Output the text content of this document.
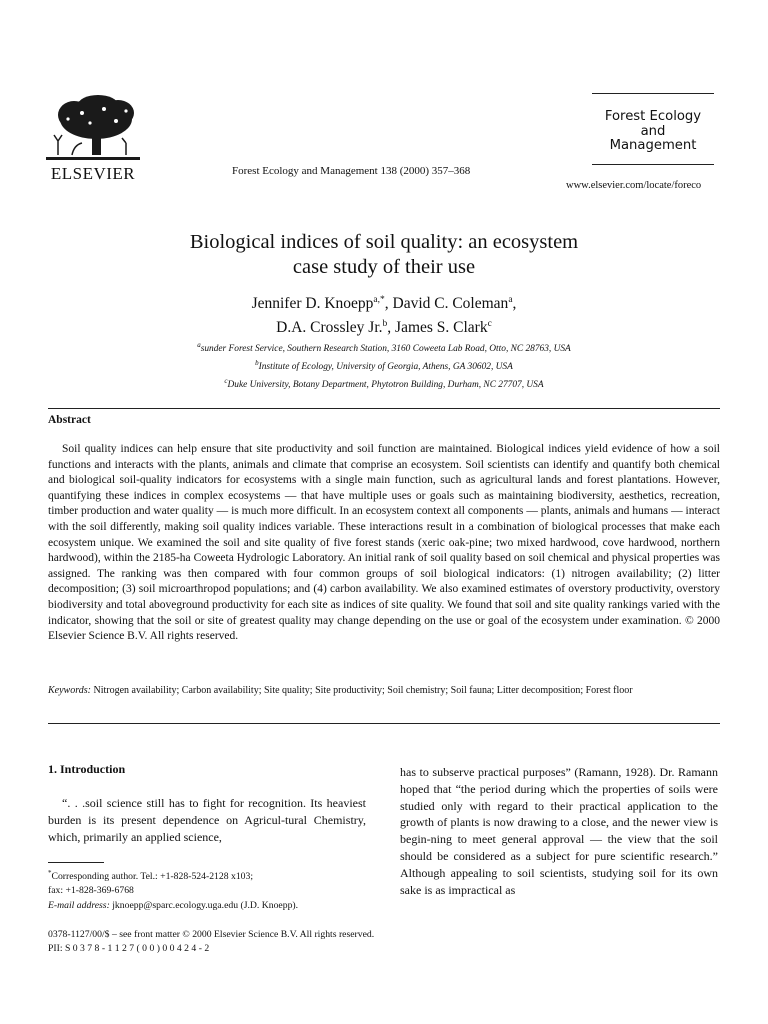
ELSEVIER	Forest Ecology and Management 138 (2000) 357–368
Forest Ecology
and
Management
www.elsevier.com/locate/foreco
Biological indices of soil quality: an ecosystem
case study of their use
Jennifer D. Knoepp$^{a,*}$, David C. Coleman$^a$,
D.A. Crossley Jr.$^b$, James S. Clark$^c$
$^a$sunder Forest Service, Southern Research Station, 3160 Coweeta Lab Road, Otto, NC 28763, USA
$^b$Institute of Ecology, University of Georgia, Athens, GA 30602, USA
$^c$Duke University, Botany Department, Phytotron Building, Durham, NC 27707, USA
Abstract
Soil quality indices can help ensure that site productivity and soil function are maintained. Biological indices yield evidence of how a soil functions and interacts with the plants, animals and climate that comprise an ecosystem. Soil scientists can identify and quantify both chemical and biological soil-quality indicators for ecosystems with a single main function, such as agricultural lands and forest plantations. However, quantifying these indices in complex ecosystems — that have multiple uses or goals such as maintaining biodiversity, aesthetics, recreation, timber production and water quality — is much more difficult. In an ecosystem context all components — plants, animals and humans — interact with the soil differently, making soil quality indices variable. These interactions result in a combination of biological processes that make each ecosystem unique. We examined the soil and site quality of five forest stands (xeric oak-pine; two mixed hardwood, cove hardwood, northern hardwood), within the 2185-ha Coweeta Hydrologic Laboratory. An initial rank of soil quality based on soil chemical and physical properties was assigned. The ranking was then compared with four common groups of soil biological indicators: (1) nitrogen availability; (2) litter decomposition; (3) soil microarthropod populations; and (4) carbon availability. We also examined estimates of overstory productivity, overstory biodiversity and total aboveground productivity for each site as indices of site quality. We found that soil and site quality rankings varied with the indicator, showing that the soil or site of greatest quality may change depending on the use or goal of the ecosystem under examination. © 2000 Elsevier Science B.V. All rights reserved.
Keywords: Nitrogen availability; Carbon availability; Site quality; Site productivity; Soil chemistry; Soil fauna; Litter decomposition; Forest floor
1. Introduction
“. . .soil science still has to fight for recognition. Its heaviest burden is its present dependence on Agricul-tural Chemistry, which, primarily an applied science,
has to subserve practical purposes” (Ramann, 1928). Dr. Ramann hoped that “the period during which the properties of soils were studied only with regard to their practical application to the growth of plants is now drawing to a close, and the newer view is begin-ning to meet general approval — the view that the soil should be considered as a subject for pure scientific research.” Although appealing to soil scientists, studying soil for its own sake is as impractical as
*Corresponding author. Tel.: +1-828-524-2128 x103;
fax: +1-828-369-6768
E-mail address: jknoepp@sparc.ecology.uga.edu (J.D. Knoepp).
0378-1127/00/$ – see front matter © 2000 Elsevier Science B.V. All rights reserved.
PII: S 0 3 7 8 - 1 1 2 7 ( 0 0 ) 0 0 4 2 4 - 2
